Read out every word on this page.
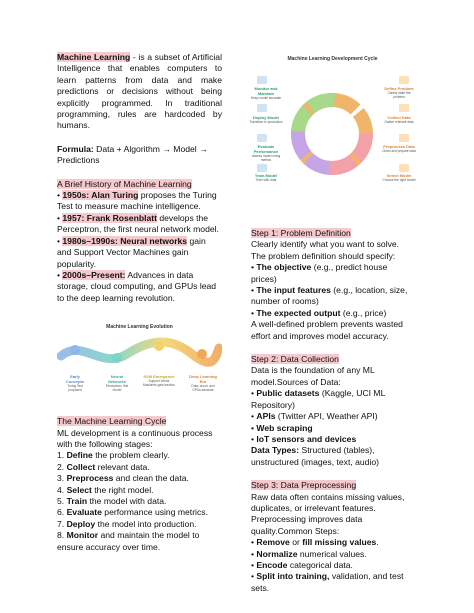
Machine Learning - is a subset of Artificial Intelligence that enables computers to learn patterns from data and make predictions or decisions without being explicitly programmed. In traditional programming, rules are hardcoded by humans.

Formula: Data + Algorithm → Model → Predictions

A Brief History of Machine Learning

• 1950s: Alan Turing proposes the Turing Test to measure machine intelligence.

• 1957: Frank Rosenblatt develops the Perceptron, the first neural network model.

• 1980s–1990s: Neural networks gain and Support Vector Machines gain popularity.

• 2000s–Present: Advances in data storage, cloud computing, and GPUs lead to the deep learning revolution.

Machine Learning Evolution
Early Concepts
Turing Test proposed
Neural Networks
Perceptron, first model
SVM Emergence
Support Vector Machines gain traction
Deep Learning Era
Data, cloud, and GPUs advance

The Machine Learning Cycle

ML development is a continuous process with the following stages:

1. Define the problem clearly.

2. Collect relevant data.

3. Preprocess and clean the data.

4. Select the right model.

5. Train the model with data.

6. Evaluate performance using metrics.

7. Deploy the model into production.

8. Monitor and maintain the model to ensure accuracy over time.

Machine Learning Development Cycle
Monitor and Maintain
Keep model accurate
Deploy Model
Transition to production
Evaluate Performance
Assess model using metrics
Train Model
Train with data
Define Problem
Clearly state the problem
Collect Data
Gather relevant data
Preprocess Data
Clean and prepare data
Select Model
Choose the right model

Step 1: Problem Definition

Clearly identify what you want to solve. The problem definition should specify:

• The objective (e.g., predict house prices)

• The input features (e.g., location, size, number of rooms)

• The expected output (e.g., price)

A well-defined problem prevents wasted effort and improves model accuracy.

Step 2: Data Collection

Data is the foundation of any ML model.Sources of Data:

• Public datasets (Kaggle, UCI ML Repository)

• APIs (Twitter API, Weather API)

• Web scraping

• IoT sensors and devices

Data Types: Structured (tables), unstructured (images, text, audio)

Step 3: Data Preprocessing

Raw data often contains missing values, duplicates, or irrelevant features. Preprocessing improves data quality.Common Steps:

• Remove or fill missing values.

• Normalize numerical values.

• Encode categorical data.

• Split into training, validation, and test sets.
